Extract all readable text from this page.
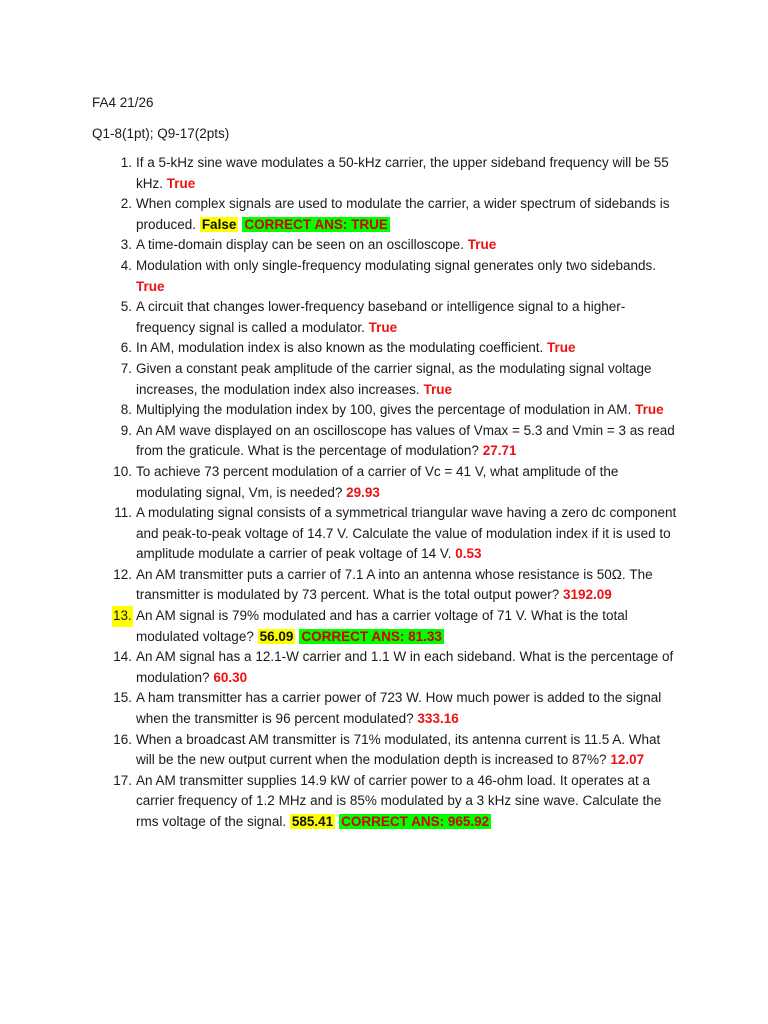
FA4 21/26
Q1-8(1pt); Q9-17(2pts)
1. If a 5-kHz sine wave modulates a 50-kHz carrier, the upper sideband frequency will be 55 kHz. True
2. When complex signals are used to modulate the carrier, a wider spectrum of sidebands is produced. False CORRECT ANS: TRUE
3. A time-domain display can be seen on an oscilloscope. True
4. Modulation with only single-frequency modulating signal generates only two sidebands. True
5. A circuit that changes lower-frequency baseband or intelligence signal to a higher-frequency signal is called a modulator. True
6. In AM, modulation index is also known as the modulating coefficient. True
7. Given a constant peak amplitude of the carrier signal, as the modulating signal voltage increases, the modulation index also increases. True
8. Multiplying the modulation index by 100, gives the percentage of modulation in AM. True
9. An AM wave displayed on an oscilloscope has values of Vmax = 5.3 and Vmin = 3 as read from the graticule. What is the percentage of modulation? 27.71
10. To achieve 73 percent modulation of a carrier of Vc = 41 V, what amplitude of the modulating signal, Vm, is needed? 29.93
11. A modulating signal consists of a symmetrical triangular wave having a zero dc component and peak-to-peak voltage of 14.7 V. Calculate the value of modulation index if it is used to amplitude modulate a carrier of peak voltage of 14 V. 0.53
12. An AM transmitter puts a carrier of 7.1 A into an antenna whose resistance is 50Ω. The transmitter is modulated by 73 percent. What is the total output power? 3192.09
13. An AM signal is 79% modulated and has a carrier voltage of 71 V. What is the total modulated voltage? 56.09 CORRECT ANS: 81.33
14. An AM signal has a 12.1-W carrier and 1.1 W in each sideband. What is the percentage of modulation? 60.30
15. A ham transmitter has a carrier power of 723 W. How much power is added to the signal when the transmitter is 96 percent modulated? 333.16
16. When a broadcast AM transmitter is 71% modulated, its antenna current is 11.5 A. What will be the new output current when the modulation depth is increased to 87%? 12.07
17. An AM transmitter supplies 14.9 kW of carrier power to a 46-ohm load. It operates at a carrier frequency of 1.2 MHz and is 85% modulated by a 3 kHz sine wave. Calculate the rms voltage of the signal. 585.41 CORRECT ANS: 965.92
